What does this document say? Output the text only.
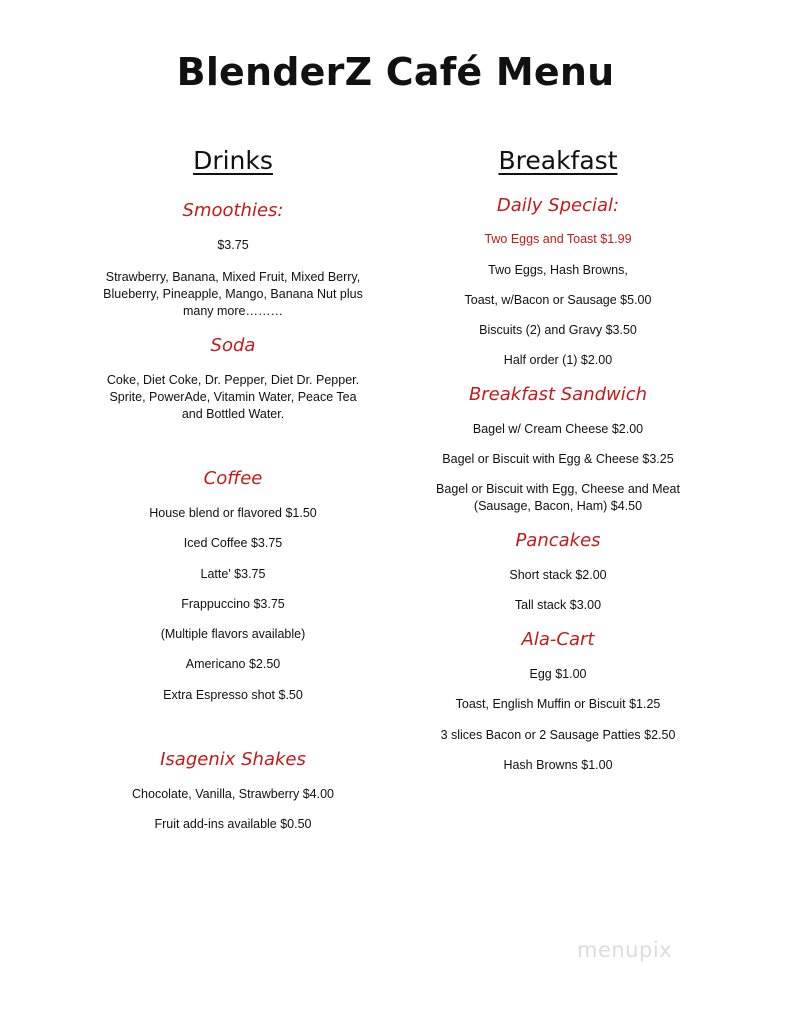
BlenderZ Café Menu
Drinks
Smoothies:
$3.75
Strawberry, Banana, Mixed Fruit, Mixed Berry,
Blueberry, Pineapple, Mango, Banana Nut plus
many more………
Soda
Coke, Diet Coke, Dr. Pepper, Diet Dr. Pepper.
Sprite, PowerAde, Vitamin Water, Peace Tea
and Bottled Water.
Coffee
House blend or flavored $1.50
Iced Coffee $3.75
Latte' $3.75
Frappuccino $3.75
(Multiple flavors available)
Americano $2.50
Extra Espresso shot $.50
Isagenix Shakes
Chocolate, Vanilla, Strawberry $4.00
Fruit add-ins available $0.50
Breakfast
Daily Special:
Two Eggs and Toast $1.99
Two Eggs, Hash Browns,
Toast, w/Bacon or Sausage $5.00
Biscuits (2) and Gravy $3.50
Half order (1) $2.00
Breakfast Sandwich
Bagel w/ Cream Cheese $2.00
Bagel or Biscuit with Egg & Cheese $3.25
Bagel or Biscuit with Egg, Cheese and Meat
(Sausage, Bacon, Ham) $4.50
Pancakes
Short stack $2.00
Tall stack $3.00
Ala-Cart
Egg $1.00
Toast, English Muffin or Biscuit $1.25
3 slices Bacon or 2 Sausage Patties $2.50
Hash Browns $1.00
menupix
